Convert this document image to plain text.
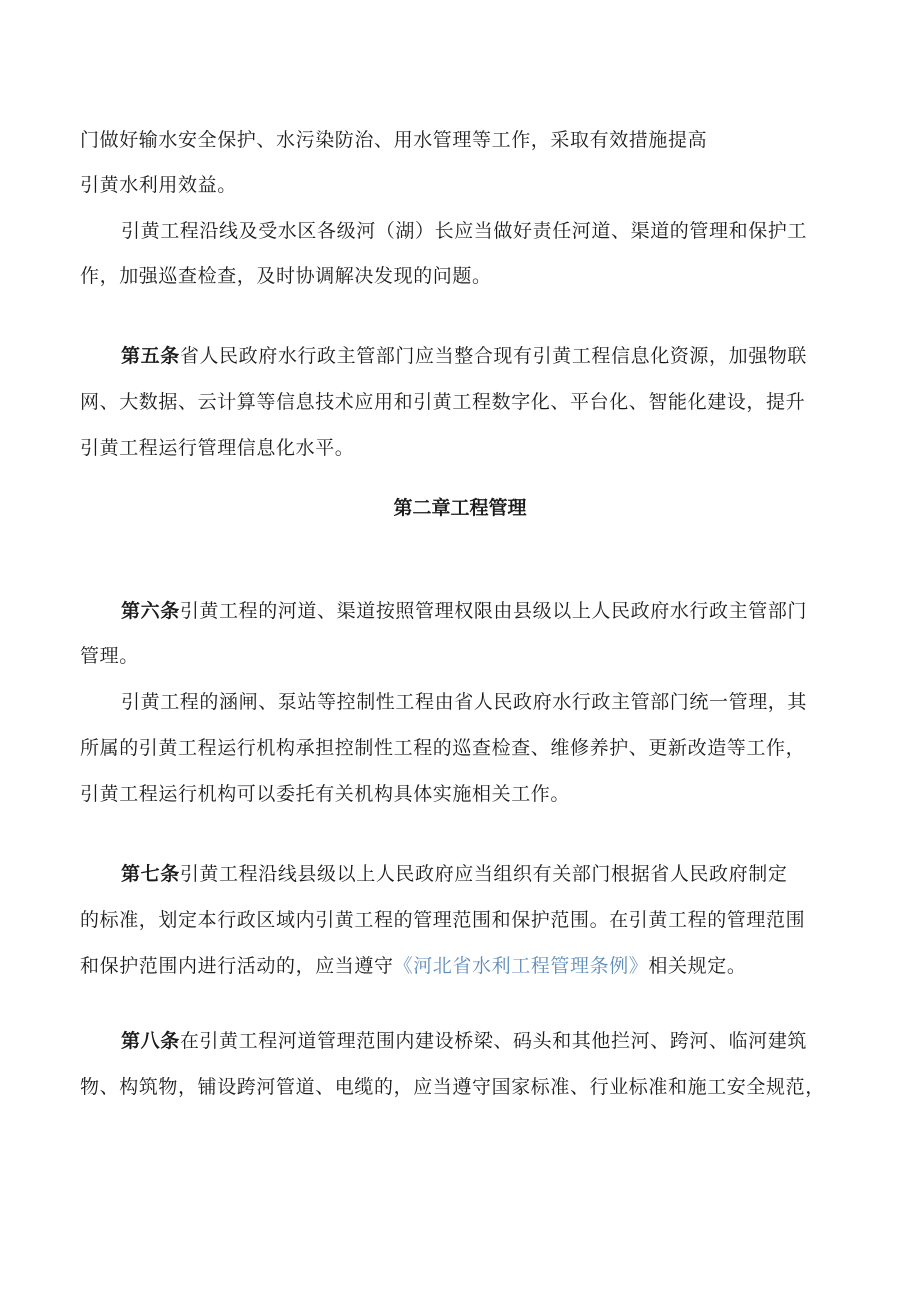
门做好输水安全保护、水污染防治、用水管理等工作，采取有效措施提高
引黄水利用效益。
引黄工程沿线及受水区各级河（湖）长应当做好责任河道、渠道的管理和保护工
作，加强巡查检查，及时协调解决发现的问题。
第五条省人民政府水行政主管部门应当整合现有引黄工程信息化资源，加强物联
网、大数据、云计算等信息技术应用和引黄工程数字化、平台化、智能化建设，提升
引黄工程运行管理信息化水平。
第二章工程管理
第六条引黄工程的河道、渠道按照管理权限由县级以上人民政府水行政主管部门
管理。
引黄工程的涵闸、泵站等控制性工程由省人民政府水行政主管部门统一管理，其
所属的引黄工程运行机构承担控制性工程的巡查检查、维修养护、更新改造等工作，
引黄工程运行机构可以委托有关机构具体实施相关工作。
第七条引黄工程沿线县级以上人民政府应当组织有关部门根据省人民政府制定
的标准，划定本行政区域内引黄工程的管理范围和保护范围。在引黄工程的管理范围
和保护范围内进行活动的，应当遵守《河北省水利工程管理条例》相关规定。
第八条在引黄工程河道管理范围内建设桥梁、码头和其他拦河、跨河、临河建筑
物、构筑物，铺设跨河管道、电缆的，应当遵守国家标准、行业标准和施工安全规范，
